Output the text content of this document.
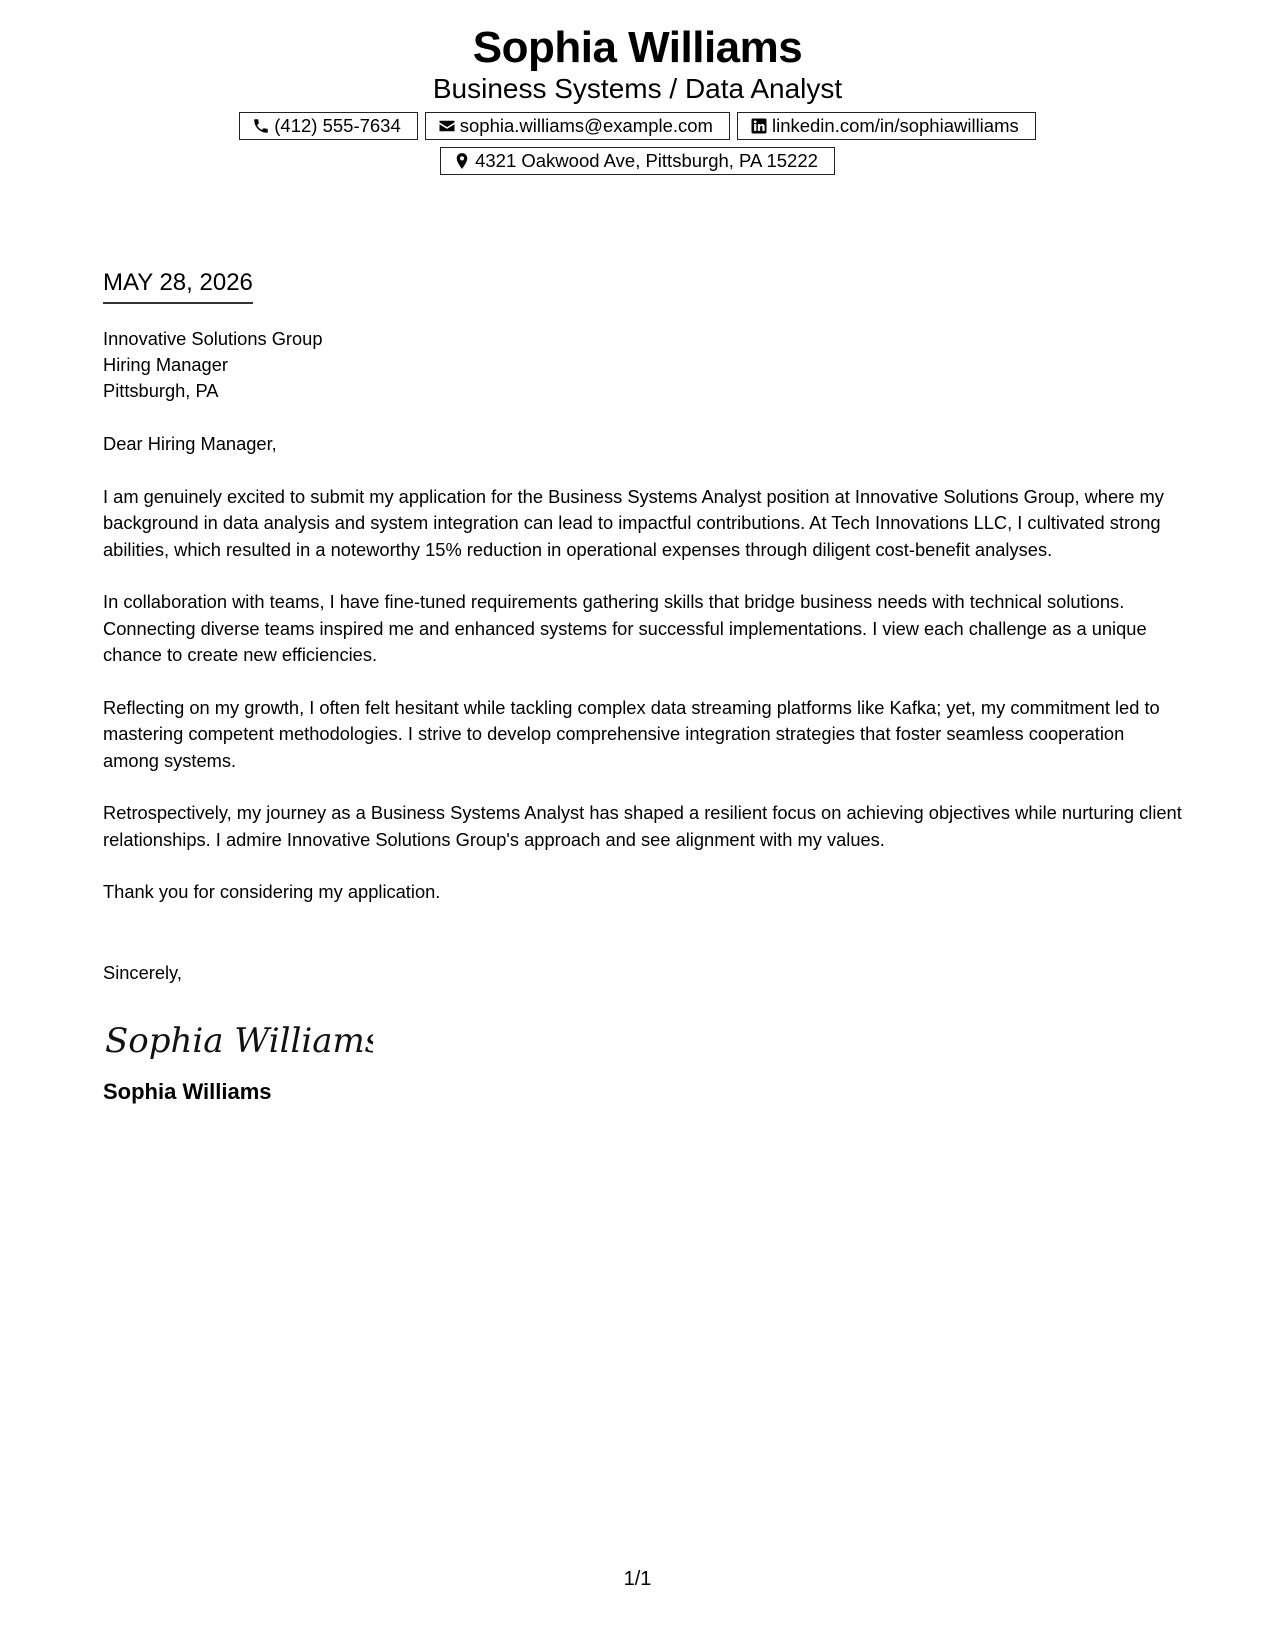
Sophia Williams
Business Systems / Data Analyst
(412) 555-7634	sophia.williams@example.com	linkedin.com/in/sophiawilliams
4321 Oakwood Ave, Pittsburgh, PA 15222
MAY 28, 2026
Innovative Solutions Group
Hiring Manager
Pittsburgh, PA
Dear Hiring Manager,

I am genuinely excited to submit my application for the Business Systems Analyst position at Innovative Solutions Group, where my background in data analysis and system integration can lead to impactful contributions. At Tech Innovations LLC, I cultivated strong abilities, which resulted in a noteworthy 15% reduction in operational expenses through diligent cost-benefit analyses.

In collaboration with teams, I have fine-tuned requirements gathering skills that bridge business needs with technical solutions. Connecting diverse teams inspired me and enhanced systems for successful implementations. I view each challenge as a unique chance to create new efficiencies.

Reflecting on my growth, I often felt hesitant while tackling complex data streaming platforms like Kafka; yet, my commitment led to mastering competent methodologies. I strive to develop comprehensive integration strategies that foster seamless cooperation among systems.

Retrospectively, my journey as a Business Systems Analyst has shaped a resilient focus on achieving objectives while nurturing client relationships. I admire Innovative Solutions Group's approach and see alignment with my values.

Thank you for considering my application.

Sincerely,
Sophia Williams
Sophia Williams
1/1
